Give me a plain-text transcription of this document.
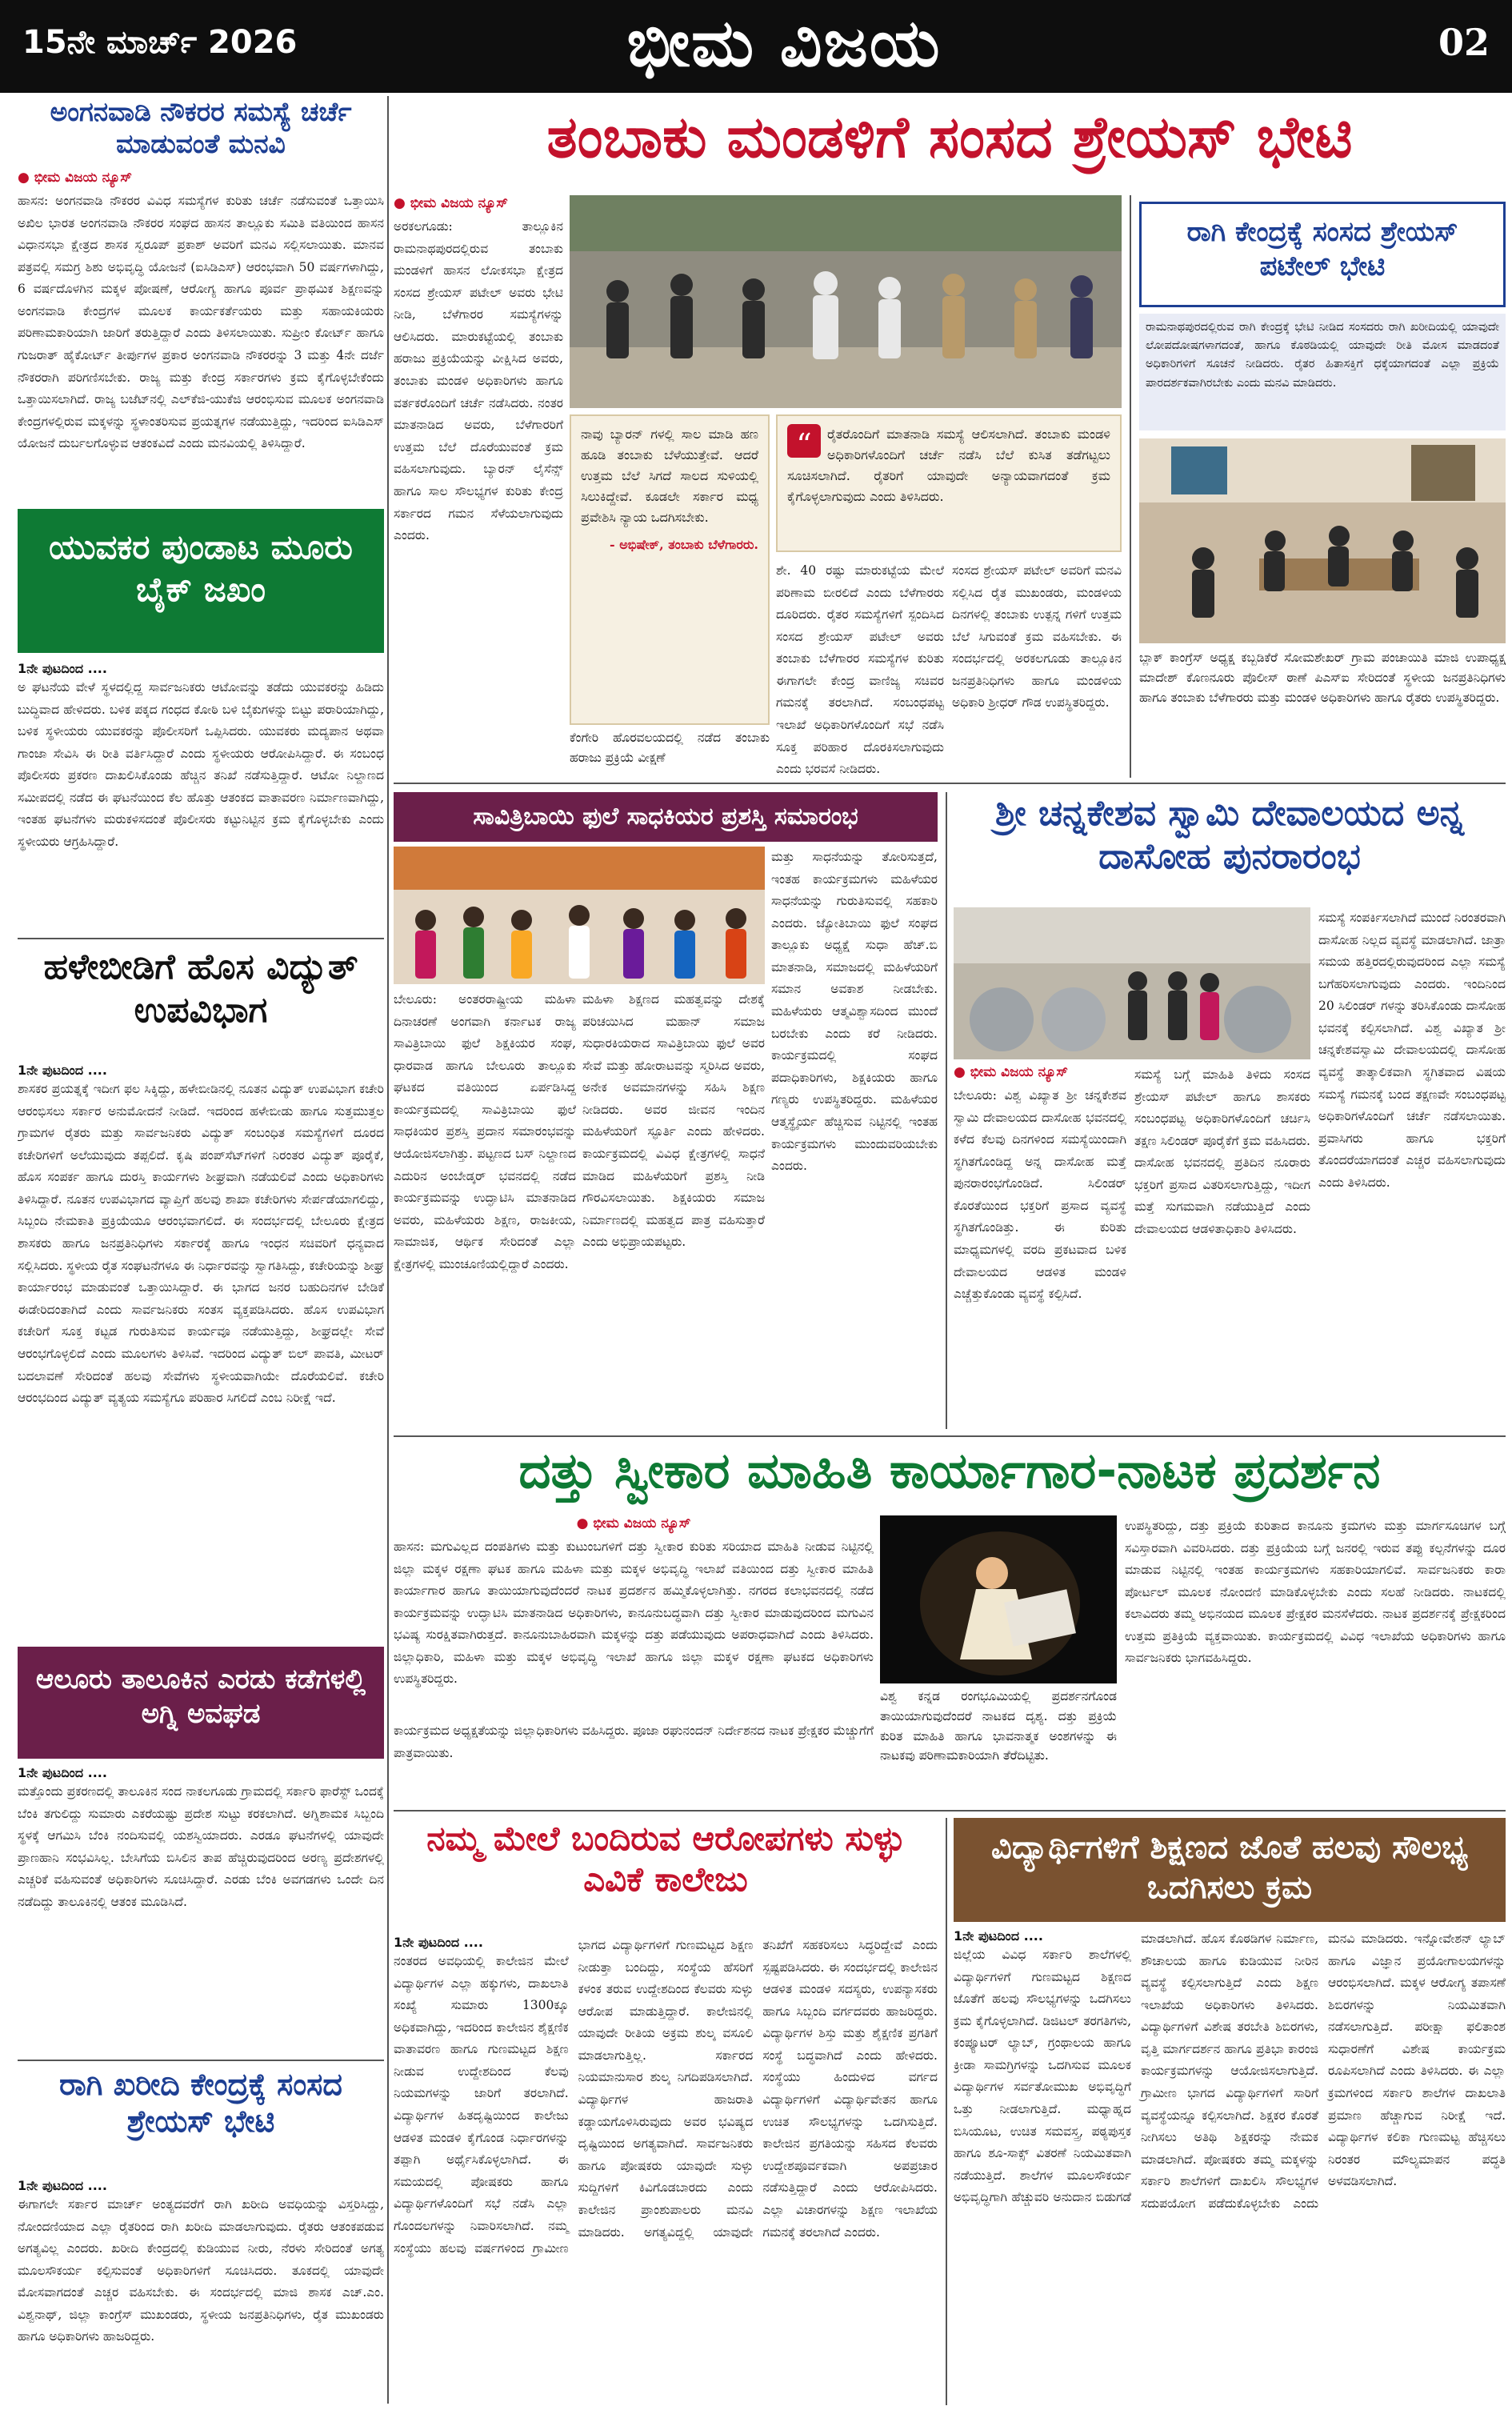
15ನೇ ಮಾರ್ಚ್ 2026	ಭೀಮ ವಿಜಯ	02
ಅಂಗನವಾಡಿ ನೌಕರರ ಸಮಸ್ಯೆ ಚರ್ಚೆ ಮಾಡುವಂತೆ ಮನವಿ
● ಭೀಮ ವಿಜಯ ನ್ಯೂಸ್
ಹಾಸನ: ಅಂಗನವಾಡಿ ನೌಕರರ ವಿವಿಧ ಸಮಸ್ಯೆಗಳ ಕುರಿತು ಚರ್ಚೆ ನಡೆಸುವಂತೆ ಒತ್ತಾಯಿಸಿ ಅಖಿಲ ಭಾರತ ಅಂಗನವಾಡಿ ನೌಕರರ ಸಂಘದ ಹಾಸನ ತಾಲ್ಲೂಕು ಸಮಿತಿ ವತಿಯಿಂದ ಹಾಸನ ವಿಧಾನಸಭಾ ಕ್ಷೇತ್ರದ ಶಾಸಕ ಸ್ವರೂಪ್ ಪ್ರಕಾಶ್ ಅವರಿಗೆ ಮನವಿ ಸಲ್ಲಿಸಲಾಯಿತು. ಮಾನವ ಪತ್ರವಲ್ಲಿ ಸಮಗ್ರ ಶಿಶು ಅಭಿವೃದ್ಧಿ ಯೋಜನೆ (ಐಸಿಡಿಎಸ್) ಆರಂಭವಾಗಿ 50 ವರ್ಷಗಳಾಗಿದ್ದು, 6 ವರ್ಷದೊಳಗಿನ ಮಕ್ಕಳ ಪೋಷಣೆ, ಆರೋಗ್ಯ ಹಾಗೂ ಪೂರ್ವ ಪ್ರಾಥಮಿಕ ಶಿಕ್ಷಣವನ್ನು ಅಂಗನವಾಡಿ ಕೇಂದ್ರಗಳ ಮೂಲಕ ಕಾರ್ಯಕರ್ತೆಯರು ಮತ್ತು ಸಹಾಯಕಿಯರು ಪರಿಣಾಮಕಾರಿಯಾಗಿ ಜಾರಿಗೆ ತರುತ್ತಿದ್ದಾರೆ ಎಂದು ತಿಳಿಸಲಾಯಿತು. ಸುಪ್ರೀಂ ಕೋರ್ಟ್ ಹಾಗೂ ಗುಜರಾತ್ ಹೈಕೋರ್ಟ್ ತೀರ್ಪುಗಳ ಪ್ರಕಾರ ಅಂಗನವಾಡಿ ನೌಕರರನ್ನು 3 ಮತ್ತು 4ನೇ ದರ್ಜೆ ನೌಕರರಾಗಿ ಪರಿಗಣಿಸಬೇಕು. ರಾಜ್ಯ ಮತ್ತು ಕೇಂದ್ರ ಸರ್ಕಾರಗಳು ಕ್ರಮ ಕೈಗೊಳ್ಳಬೇಕೆಂದು ಒತ್ತಾಯಿಸಲಾಗಿದೆ. ರಾಜ್ಯ ಬಜೆಟ್‌ನಲ್ಲಿ ಎಲ್‌ಕೆಜಿ-ಯುಕೆಜಿ ಆರಂಭಿಸುವ ಮೂಲಕ ಅಂಗನವಾಡಿ ಕೇಂದ್ರಗಳಲ್ಲಿರುವ ಮಕ್ಕಳನ್ನು ಸ್ಥಳಾಂತರಿಸುವ ಪ್ರಯತ್ನಗಳ ನಡೆಯುತ್ತಿದ್ದು, ಇದರಿಂದ ಐಸಿಡಿಎಸ್ ಯೋಜನೆ ದುರ್ಬಲಗೊಳ್ಳುವ ಆತಂಕವಿದೆ ಎಂದು ಮನವಿಯಲ್ಲಿ ತಿಳಿಸಿದ್ದಾರೆ.
ಯುವಕರ ಪುಂಡಾಟ ಮೂರು ಬೈಕ್ ಜಖಂ
1ನೇ ಪುಟದಿಂದ ....
ಅ ಘಟನೆಯ ವೇಳೆ ಸ್ಥಳದಲ್ಲಿದ್ದ ಸಾರ್ವಜನಿಕರು ಆಟೋವನ್ನು ತಡೆದು ಯುವಕರನ್ನು ಹಿಡಿದು ಬುದ್ಧಿವಾದ ಹೇಳಿದರು. ಬಳಿಕ ಪಕ್ಕದ ಗಂಧದ ಕೋಠಿ ಬಳಿ ಬೈಕುಗಳನ್ನು ಬಿಟ್ಟು ಪರಾರಿಯಾಗಿದ್ದು, ಬಳಿಕ ಸ್ಥಳೀಯರು ಯುವಕರನ್ನು ಪೊಲೀಸರಿಗೆ ಒಪ್ಪಿಸಿದರು. ಯುವಕರು ಮದ್ಯಪಾನ ಅಥವಾ ಗಾಂಜಾ ಸೇವಿಸಿ ಈ ರೀತಿ ವರ್ತಿಸಿದ್ದಾರೆ ಎಂದು ಸ್ಥಳೀಯರು ಆರೋಪಿಸಿದ್ದಾರೆ. ಈ ಸಂಬಂಧ ಪೊಲೀಸರು ಪ್ರಕರಣ ದಾಖಲಿಸಿಕೊಂಡು ಹೆಚ್ಚಿನ ತನಿಖೆ ನಡೆಸುತ್ತಿದ್ದಾರೆ. ಆಟೋ ನಿಲ್ದಾಣದ ಸಮೀಪದಲ್ಲಿ ನಡೆದ ಈ ಘಟನೆಯಿಂದ ಕೆಲ ಹೊತ್ತು ಆತಂಕದ ವಾತಾವರಣ ನಿರ್ಮಾಣವಾಗಿದ್ದು, ಇಂತಹ ಘಟನೆಗಳು ಮರುಕಳಿಸದಂತೆ ಪೊಲೀಸರು ಕಟ್ಟುನಿಟ್ಟಿನ ಕ್ರಮ ಕೈಗೊಳ್ಳಬೇಕು ಎಂದು ಸ್ಥಳೀಯರು ಆಗ್ರಹಿಸಿದ್ದಾರೆ.
ಹಳೇಬೀಡಿಗೆ ಹೊಸ ವಿದ್ಯುತ್ ಉಪವಿಭಾಗ
1ನೇ ಪುಟದಿಂದ ....
ಶಾಸಕರ ಪ್ರಯತ್ನಕ್ಕೆ ಇದೀಗ ಫಲ ಸಿಕ್ಕಿದ್ದು, ಹಳೇಬೀಡಿನಲ್ಲಿ ನೂತನ ವಿದ್ಯುತ್ ಉಪವಿಭಾಗ ಕಚೇರಿ ಆರಂಭಿಸಲು ಸರ್ಕಾರ ಅನುಮೋದನೆ ನೀಡಿದೆ. ಇದರಿಂದ ಹಳೇಬೀಡು ಹಾಗೂ ಸುತ್ತಮುತ್ತಲ ಗ್ರಾಮಗಳ ರೈತರು ಮತ್ತು ಸಾರ್ವಜನಿಕರು ವಿದ್ಯುತ್ ಸಂಬಂಧಿತ ಸಮಸ್ಯೆಗಳಿಗೆ ದೂರದ ಕಚೇರಿಗಳಿಗೆ ಅಲೆಯುವುದು ತಪ್ಪಲಿದೆ. ಕೃಷಿ ಪಂಪ್‌ಸೆಟ್‌ಗಳಿಗೆ ನಿರಂತರ ವಿದ್ಯುತ್ ಪೂರೈಕೆ, ಹೊಸ ಸಂಪರ್ಕ ಹಾಗೂ ದುರಸ್ತಿ ಕಾರ್ಯಗಳು ಶೀಘ್ರವಾಗಿ ನಡೆಯಲಿವೆ ಎಂದು ಅಧಿಕಾರಿಗಳು ತಿಳಿಸಿದ್ದಾರೆ. ನೂತನ ಉಪವಿಭಾಗದ ವ್ಯಾಪ್ತಿಗೆ ಹಲವು ಶಾಖಾ ಕಚೇರಿಗಳು ಸೇರ್ಪಡೆಯಾಗಲಿದ್ದು, ಸಿಬ್ಬಂದಿ ನೇಮಕಾತಿ ಪ್ರಕ್ರಿಯೆಯೂ ಆರಂಭವಾಗಲಿದೆ. ಈ ಸಂದರ್ಭದಲ್ಲಿ ಬೇಲೂರು ಕ್ಷೇತ್ರದ ಶಾಸಕರು ಹಾಗೂ ಜನಪ್ರತಿನಿಧಿಗಳು ಸರ್ಕಾರಕ್ಕೆ ಹಾಗೂ ಇಂಧನ ಸಚಿವರಿಗೆ ಧನ್ಯವಾದ ಸಲ್ಲಿಸಿದರು. ಸ್ಥಳೀಯ ರೈತ ಸಂಘಟನೆಗಳೂ ಈ ನಿರ್ಧಾರವನ್ನು ಸ್ವಾಗತಿಸಿದ್ದು, ಕಚೇರಿಯನ್ನು ಶೀಘ್ರ ಕಾರ್ಯಾರಂಭ ಮಾಡುವಂತೆ ಒತ್ತಾಯಿಸಿದ್ದಾರೆ. ಈ ಭಾಗದ ಜನರ ಬಹುದಿನಗಳ ಬೇಡಿಕೆ ಈಡೇರಿದಂತಾಗಿದೆ ಎಂದು ಸಾರ್ವಜನಿಕರು ಸಂತಸ ವ್ಯಕ್ತಪಡಿಸಿದರು. ಹೊಸ ಉಪವಿಭಾಗ ಕಚೇರಿಗೆ ಸೂಕ್ತ ಕಟ್ಟಡ ಗುರುತಿಸುವ ಕಾರ್ಯವೂ ನಡೆಯುತ್ತಿದ್ದು, ಶೀಘ್ರದಲ್ಲೇ ಸೇವೆ ಆರಂಭಗೊಳ್ಳಲಿದೆ ಎಂದು ಮೂಲಗಳು ತಿಳಿಸಿವೆ. ಇದರಿಂದ ವಿದ್ಯುತ್ ಬಿಲ್ ಪಾವತಿ, ಮೀಟರ್ ಬದಲಾವಣೆ ಸೇರಿದಂತೆ ಹಲವು ಸೇವೆಗಳು ಸ್ಥಳೀಯವಾಗಿಯೇ ದೊರೆಯಲಿವೆ. ಕಚೇರಿ ಆರಂಭದಿಂದ ವಿದ್ಯುತ್ ವ್ಯತ್ಯಯ ಸಮಸ್ಯೆಗೂ ಪರಿಹಾರ ಸಿಗಲಿದೆ ಎಂಬ ನಿರೀಕ್ಷೆ ಇದೆ.
ಆಲೂರು ತಾಲೂಕಿನ ಎರಡು ಕಡೆಗಳಲ್ಲಿ ಅಗ್ನಿ ಅವಘಡ
1ನೇ ಪುಟದಿಂದ ....
ಮತ್ತೊಂದು ಪ್ರಕರಣದಲ್ಲಿ ತಾಲೂಕಿನ ಸಂದ ನಾಕಲಗೂಡು ಗ್ರಾಮದಲ್ಲಿ ಸರ್ಕಾರಿ ಫಾರೆಸ್ಟ್ ಒಂದಕ್ಕೆ ಬೆಂಕಿ ತಗುಲಿದ್ದು ಸುಮಾರು ಎಕರೆಯಷ್ಟು ಪ್ರದೇಶ ಸುಟ್ಟು ಕರಕಲಾಗಿದೆ. ಅಗ್ನಿಶಾಮಕ ಸಿಬ್ಬಂದಿ ಸ್ಥಳಕ್ಕೆ ಆಗಮಿಸಿ ಬೆಂಕಿ ನಂದಿಸುವಲ್ಲಿ ಯಶಸ್ವಿಯಾದರು. ಎರಡೂ ಘಟನೆಗಳಲ್ಲಿ ಯಾವುದೇ ಪ್ರಾಣಹಾನಿ ಸಂಭವಿಸಿಲ್ಲ. ಬೇಸಿಗೆಯ ಬಿಸಿಲಿನ ತಾಪ ಹೆಚ್ಚಿರುವುದರಿಂದ ಅರಣ್ಯ ಪ್ರದೇಶಗಳಲ್ಲಿ ಎಚ್ಚರಿಕೆ ವಹಿಸುವಂತೆ ಅಧಿಕಾರಿಗಳು ಸೂಚಿಸಿದ್ದಾರೆ. ಎರಡು ಬೆಂಕಿ ಅವಗಡಗಳು ಒಂದೇ ದಿನ ನಡೆದಿದ್ದು ತಾಲೂಕಿನಲ್ಲಿ ಆತಂಕ ಮೂಡಿಸಿದೆ.
ರಾಗಿ ಖರೀದಿ ಕೇಂದ್ರಕ್ಕೆ ಸಂಸದ ಶ್ರೇಯಸ್ ಭೇಟಿ
1ನೇ ಪುಟದಿಂದ ....
ಈಗಾಗಲೇ ಸರ್ಕಾರ ಮಾರ್ಚ್ ಅಂತ್ಯದವರೆಗೆ ರಾಗಿ ಖರೀದಿ ಅವಧಿಯನ್ನು ವಿಸ್ತರಿಸಿದ್ದು, ನೋಂದಣಿಯಾದ ಎಲ್ಲಾ ರೈತರಿಂದ ರಾಗಿ ಖರೀದಿ ಮಾಡಲಾಗುವುದು. ರೈತರು ಆತಂಕಪಡುವ ಅಗತ್ಯವಿಲ್ಲ ಎಂದರು. ಖರೀದಿ ಕೇಂದ್ರದಲ್ಲಿ ಕುಡಿಯುವ ನೀರು, ನೆರಳು ಸೇರಿದಂತೆ ಅಗತ್ಯ ಮೂಲಸೌಕರ್ಯ ಕಲ್ಪಿಸುವಂತೆ ಅಧಿಕಾರಿಗಳಿಗೆ ಸೂಚಿಸಿದರು. ತೂಕದಲ್ಲಿ ಯಾವುದೇ ಮೋಸವಾಗದಂತೆ ಎಚ್ಚರ ವಹಿಸಬೇಕು. ಈ ಸಂದರ್ಭದಲ್ಲಿ ಮಾಜಿ ಶಾಸಕ ಎಚ್.ಎಂ. ವಿಶ್ವನಾಥ್, ಜಿಲ್ಲಾ ಕಾಂಗ್ರೆಸ್ ಮುಖಂಡರು, ಸ್ಥಳೀಯ ಜನಪ್ರತಿನಿಧಿಗಳು, ರೈತ ಮುಖಂಡರು ಹಾಗೂ ಅಧಿಕಾರಿಗಳು ಹಾಜರಿದ್ದರು.
ತಂಬಾಕು ಮಂಡಳಿಗೆ ಸಂಸದ ಶ್ರೇಯಸ್ ಭೇಟಿ
● ಭೀಮ ವಿಜಯ ನ್ಯೂಸ್
ಅರಕಲಗೂಡು: ತಾಲ್ಲೂಕಿನ ರಾಮನಾಥಪುರದಲ್ಲಿರುವ ತಂಬಾಕು ಮಂಡಳಿಗೆ ಹಾಸನ ಲೋಕಸಭಾ ಕ್ಷೇತ್ರದ ಸಂಸದ ಶ್ರೇಯಸ್ ಪಟೇಲ್ ಅವರು ಭೇಟಿ ನೀಡಿ, ಬೆಳೆಗಾರರ ಸಮಸ್ಯೆಗಳನ್ನು ಆಲಿಸಿದರು. ಮಾರುಕಟ್ಟೆಯಲ್ಲಿ ತಂಬಾಕು ಹರಾಜು ಪ್ರಕ್ರಿಯೆಯನ್ನು ವೀಕ್ಷಿಸಿದ ಅವರು, ತಂಬಾಕು ಮಂಡಳಿ ಅಧಿಕಾರಿಗಳು ಹಾಗೂ ವರ್ತಕರೊಂದಿಗೆ ಚರ್ಚೆ ನಡೆಸಿದರು. ನಂತರ ಮಾತನಾಡಿದ ಅವರು, ಬೆಳೆಗಾರರಿಗೆ ಉತ್ತಮ ಬೆಲೆ ದೊರೆಯುವಂತೆ ಕ್ರಮ ವಹಿಸಲಾಗುವುದು. ಬ್ಯಾರನ್ ಲೈಸೆನ್ಸ್ ಹಾಗೂ ಸಾಲ ಸೌಲಭ್ಯಗಳ ಕುರಿತು ಕೇಂದ್ರ ಸರ್ಕಾರದ ಗಮನ ಸೆಳೆಯಲಾಗುವುದು ಎಂದರು.
ನಾವು ಬ್ಯಾರನ್ ಗಳಲ್ಲಿ ಸಾಲ ಮಾಡಿ ಹಣ ಹೂಡಿ ತಂಬಾಕು ಬೆಳೆಯುತ್ತೇವೆ. ಆದರೆ ಉತ್ತಮ ಬೆಲೆ ಸಿಗದೆ ಸಾಲದ ಸುಳಿಯಲ್ಲಿ ಸಿಲುಕಿದ್ದೇವೆ. ಕೂಡಲೇ ಸರ್ಕಾರ ಮಧ್ಯ ಪ್ರವೇಶಿಸಿ ನ್ಯಾಯ ಒದಗಿಸಬೇಕು.
- ಅಭಿಷೇಕ್, ತಂಬಾಕು ಬೆಳೆಗಾರರು.
ಕೆಂಗೇರಿ ಹೊರವಲಯದಲ್ಲಿ ನಡೆದ ತಂಬಾಕು ಹರಾಜು ಪ್ರಕ್ರಿಯೆ ವೀಕ್ಷಣೆ
“	ರೈತರೊಂದಿಗೆ ಮಾತನಾಡಿ ಸಮಸ್ಯೆ ಆಲಿಸಲಾಗಿದೆ. ತಂಬಾಕು ಮಂಡಳಿ ಅಧಿಕಾರಿಗಳೊಂದಿಗೆ ಚರ್ಚೆ ನಡೆಸಿ ಬೆಲೆ ಕುಸಿತ ತಡೆಗಟ್ಟಲು ಸೂಚಿಸಲಾಗಿದೆ. ರೈತರಿಗೆ ಯಾವುದೇ ಅನ್ಯಾಯವಾಗದಂತೆ ಕ್ರಮ ಕೈಗೊಳ್ಳಲಾಗುವುದು ಎಂದು ತಿಳಿಸಿದರು.
ಶೇ. 40 ರಷ್ಟು ಮಾರುಕಟ್ಟೆಯ ಮೇಲೆ ಪರಿಣಾಮ ಬೀರಲಿದೆ ಎಂದು ಬೆಳೆಗಾರರು ದೂರಿದರು. ರೈತರ ಸಮಸ್ಯೆಗಳಿಗೆ ಸ್ಪಂದಿಸಿದ ಸಂಸದ ಶ್ರೇಯಸ್ ಪಟೇಲ್ ಅವರು ತಂಬಾಕು ಬೆಳೆಗಾರರ ಸಮಸ್ಯೆಗಳ ಕುರಿತು ಈಗಾಗಲೇ ಕೇಂದ್ರ ವಾಣಿಜ್ಯ ಸಚಿವರ ಗಮನಕ್ಕೆ ತರಲಾಗಿದೆ. ಸಂಬಂಧಪಟ್ಟ ಇಲಾಖೆ ಅಧಿಕಾರಿಗಳೊಂದಿಗೆ ಸಭೆ ನಡೆಸಿ ಸೂಕ್ತ ಪರಿಹಾರ ದೊರಕಿಸಲಾಗುವುದು ಎಂದು ಭರವಸೆ ನೀಡಿದರು.
ಸಂಸದ ಶ್ರೇಯಸ್ ಪಟೇಲ್ ಅವರಿಗೆ ಮನವಿ ಸಲ್ಲಿಸಿದ ರೈತ ಮುಖಂಡರು, ಮಂಡಳಿಯ ದಿನಗಳಲ್ಲಿ ತಂಬಾಕು ಉತ್ಪನ್ನ ಗಳಿಗೆ ಉತ್ತಮ ಬೆಲೆ ಸಿಗುವಂತೆ ಕ್ರಮ ವಹಿಸಬೇಕು. ಈ ಸಂದರ್ಭದಲ್ಲಿ ಅರಕಲಗೂಡು ತಾಲ್ಲೂಕಿನ ಜನಪ್ರತಿನಿಧಿಗಳು ಹಾಗೂ ಮಂಡಳಿಯ ಅಧಿಕಾರಿ ಶ್ರೀಧರ್ ಗೌಡ ಉಪಸ್ಥಿತರಿದ್ದರು.
ರಾಗಿ ಕೇಂದ್ರಕ್ಕೆ ಸಂಸದ ಶ್ರೇಯಸ್ ಪಟೇಲ್ ಭೇಟಿ
ರಾಮನಾಥಪುರದಲ್ಲಿರುವ ರಾಗಿ ಕೇಂದ್ರಕ್ಕೆ ಭೇಟಿ ನೀಡಿದ ಸಂಸದರು ರಾಗಿ ಖರೀದಿಯಲ್ಲಿ ಯಾವುದೇ ಲೋಪದೋಷಗಳಾಗದಂತೆ, ಹಾಗೂ ಕೊಠಡಿಯಲ್ಲಿ ಯಾವುದೇ ರೀತಿ ಮೋಸ ಮಾಡದಂತೆ ಅಧಿಕಾರಿಗಳಿಗೆ ಸೂಚನೆ ನೀಡಿದರು. ರೈತರ ಹಿತಾಸಕ್ತಿಗೆ ಧಕ್ಕೆಯಾಗದಂತೆ ಎಲ್ಲಾ ಪ್ರಕ್ರಿಯೆ ಪಾರದರ್ಶಕವಾಗಿರಬೇಕು ಎಂದು ಮನವಿ ಮಾಡಿದರು.
ಬ್ಲಾಕ್ ಕಾಂಗ್ರೆಸ್ ಅಧ್ಯಕ್ಷ ಕಬ್ಬಡಿಕೆರೆ ಸೋಮಶೇಖರ್ ಗ್ರಾಮ ಪಂಚಾಯಿತಿ ಮಾಜಿ ಉಪಾಧ್ಯಕ್ಷ ಮಾದೇಶ್ ಕೊಣನೂರು ಪೊಲೀಸ್ ಠಾಣೆ ಪಿಎಸ್‌ಐ ಸೇರಿದಂತೆ ಸ್ಥಳೀಯ ಜನಪ್ರತಿನಿಧಿಗಳು ಹಾಗೂ ತಂಬಾಕು ಬೆಳೆಗಾರರು ಮತ್ತು ಮಂಡಳಿ ಅಧಿಕಾರಿಗಳು ಹಾಗೂ ರೈತರು ಉಪಸ್ಥಿತರಿದ್ದರು.
ಸಾವಿತ್ರಿಬಾಯಿ ಫುಲೆ ಸಾಧಕಿಯರ ಪ್ರಶಸ್ತಿ ಸಮಾರಂಭ
ಬೇಲೂರು: ಅಂತರರಾಷ್ಟ್ರೀಯ ಮಹಿಳಾ ದಿನಾಚರಣೆ ಅಂಗವಾಗಿ ಕರ್ನಾಟಕ ರಾಜ್ಯ ಸಾವಿತ್ರಿಬಾಯಿ ಫುಲೆ ಶಿಕ್ಷಕಿಯರ ಸಂಘ, ಧಾರವಾಡ ಹಾಗೂ ಬೇಲೂರು ತಾಲ್ಲೂಕು ಘಟಕದ ವತಿಯಿಂದ ಏರ್ಪಡಿಸಿದ್ದ ಕಾರ್ಯಕ್ರಮದಲ್ಲಿ ಸಾವಿತ್ರಿಬಾಯಿ ಫುಲೆ ಸಾಧಕಿಯರ ಪ್ರಶಸ್ತಿ ಪ್ರದಾನ ಸಮಾರಂಭವನ್ನು ಆಯೋಜಿಸಲಾಗಿತ್ತು. ಪಟ್ಟಣದ ಬಸ್ ನಿಲ್ದಾಣದ ಎದುರಿನ ಅಂಬೇಡ್ಕರ್ ಭವನದಲ್ಲಿ ನಡೆದ ಕಾರ್ಯಕ್ರಮವನ್ನು ಉದ್ಘಾಟಿಸಿ ಮಾತನಾಡಿದ ಅವರು, ಮಹಿಳೆಯರು ಶಿಕ್ಷಣ, ರಾಜಕೀಯ, ಸಾಮಾಜಿಕ, ಆರ್ಥಿಕ ಸೇರಿದಂತೆ ಎಲ್ಲಾ ಕ್ಷೇತ್ರಗಳಲ್ಲಿ ಮುಂಚೂಣಿಯಲ್ಲಿದ್ದಾರೆ ಎಂದರು.
ಮಹಿಳಾ ಶಿಕ್ಷಣದ ಮಹತ್ವವನ್ನು ದೇಶಕ್ಕೆ ಪರಿಚಯಿಸಿದ ಮಹಾನ್ ಸಮಾಜ ಸುಧಾರಕಿಯರಾದ ಸಾವಿತ್ರಿಬಾಯಿ ಫುಲೆ ಅವರ ಸೇವೆ ಮತ್ತು ಹೋರಾಟವನ್ನು ಸ್ಮರಿಸಿದ ಅವರು, ಅನೇಕ ಅವಮಾನಗಳನ್ನು ಸಹಿಸಿ ಶಿಕ್ಷಣ ನೀಡಿದರು. ಅವರ ಜೀವನ ಇಂದಿನ ಮಹಿಳೆಯರಿಗೆ ಸ್ಫೂರ್ತಿ ಎಂದು ಹೇಳಿದರು. ಕಾರ್ಯಕ್ರಮದಲ್ಲಿ ವಿವಿಧ ಕ್ಷೇತ್ರಗಳಲ್ಲಿ ಸಾಧನೆ ಮಾಡಿದ ಮಹಿಳೆಯರಿಗೆ ಪ್ರಶಸ್ತಿ ನೀಡಿ ಗೌರವಿಸಲಾಯಿತು. ಶಿಕ್ಷಕಿಯರು ಸಮಾಜ ನಿರ್ಮಾಣದಲ್ಲಿ ಮಹತ್ವದ ಪಾತ್ರ ವಹಿಸುತ್ತಾರೆ ಎಂದು ಅಭಿಪ್ರಾಯಪಟ್ಟರು.
ಮತ್ತು ಸಾಧನೆಯನ್ನು ತೋರಿಸುತ್ತದೆ, ಇಂತಹ ಕಾರ್ಯಕ್ರಮಗಳು ಮಹಿಳೆಯರ ಸಾಧನೆಯನ್ನು ಗುರುತಿಸುವಲ್ಲಿ ಸಹಕಾರಿ ಎಂದರು. ಜ್ಯೋತಿಬಾಯಿ ಫುಲೆ ಸಂಘದ ತಾಲ್ಲೂಕು ಅಧ್ಯಕ್ಷೆ ಸುಧಾ ಹೆಚ್.ಬಿ ಮಾತನಾಡಿ, ಸಮಾಜದಲ್ಲಿ ಮಹಿಳೆಯರಿಗೆ ಸಮಾನ ಅವಕಾಶ ನೀಡಬೇಕು. ಮಹಿಳೆಯರು ಆತ್ಮವಿಶ್ವಾಸದಿಂದ ಮುಂದೆ ಬರಬೇಕು ಎಂದು ಕರೆ ನೀಡಿದರು. ಕಾರ್ಯಕ್ರಮದಲ್ಲಿ ಸಂಘದ ಪದಾಧಿಕಾರಿಗಳು, ಶಿಕ್ಷಕಿಯರು ಹಾಗೂ ಗಣ್ಯರು ಉಪಸ್ಥಿತರಿದ್ದರು. ಮಹಿಳೆಯರ ಆತ್ಮಸ್ಥೈರ್ಯ ಹೆಚ್ಚಿಸುವ ನಿಟ್ಟಿನಲ್ಲಿ ಇಂತಹ ಕಾರ್ಯಕ್ರಮಗಳು ಮುಂದುವರಿಯಬೇಕು ಎಂದರು.
ಶ್ರೀ ಚನ್ನಕೇಶವ ಸ್ವಾಮಿ ದೇವಾಲಯದ ಅನ್ನ ದಾಸೋಹ ಪುನರಾರಂಭ
● ಭೀಮ ವಿಜಯ ನ್ಯೂಸ್
ಬೇಲೂರು: ವಿಶ್ವ ವಿಖ್ಯಾತ ಶ್ರೀ ಚನ್ನಕೇಶವ ಸ್ವಾಮಿ ದೇವಾಲಯದ ದಾಸೋಹ ಭವನದಲ್ಲಿ ಕಳೆದ ಕೆಲವು ದಿನಗಳಿಂದ ಸಮಸ್ಯೆಯಿಂದಾಗಿ ಸ್ಥಗಿತಗೊಂಡಿದ್ದ ಅನ್ನ ದಾಸೋಹ ಮತ್ತೆ ಪುನರಾರಂಭಗೊಂಡಿದೆ. ಸಿಲಿಂಡರ್ ಕೊರತೆಯಿಂದ ಭಕ್ತರಿಗೆ ಪ್ರಸಾದ ವ್ಯವಸ್ಥೆ ಸ್ಥಗಿತಗೊಂಡಿತ್ತು. ಈ ಕುರಿತು ಮಾಧ್ಯಮಗಳಲ್ಲಿ ವರದಿ ಪ್ರಕಟವಾದ ಬಳಿಕ ದೇವಾಲಯದ ಆಡಳಿತ ಮಂಡಳಿ ಎಚ್ಚೆತ್ತುಕೊಂಡು ವ್ಯವಸ್ಥೆ ಕಲ್ಪಿಸಿದೆ.
ಸಮಸ್ಯೆ ಬಗ್ಗೆ ಮಾಹಿತಿ ತಿಳಿದು ಸಂಸದ ಶ್ರೇಯಸ್ ಪಟೇಲ್ ಹಾಗೂ ಶಾಸಕರು ಸಂಬಂಧಪಟ್ಟ ಅಧಿಕಾರಿಗಳೊಂದಿಗೆ ಚರ್ಚಿಸಿ ತಕ್ಷಣ ಸಿಲಿಂಡರ್ ಪೂರೈಕೆಗೆ ಕ್ರಮ ವಹಿಸಿದರು. ದಾಸೋಹ ಭವನದಲ್ಲಿ ಪ್ರತಿದಿನ ನೂರಾರು ಭಕ್ತರಿಗೆ ಪ್ರಸಾದ ವಿತರಿಸಲಾಗುತ್ತಿದ್ದು, ಇದೀಗ ಮತ್ತೆ ಸುಗಮವಾಗಿ ನಡೆಯುತ್ತಿದೆ ಎಂದು ದೇವಾಲಯದ ಆಡಳಿತಾಧಿಕಾರಿ ತಿಳಿಸಿದರು.
ಸಮಸ್ಯೆ ಸಂಪರ್ಕಿಸಲಾಗಿದೆ ಮುಂದೆ ನಿರಂತರವಾಗಿ ದಾಸೋಹ ನಿಲ್ಲದ ವ್ಯವಸ್ಥೆ ಮಾಡಲಾಗಿದೆ. ಜಾತ್ರಾ ಸಮಯ ಹತ್ತಿರದಲ್ಲಿರುವುದರಿಂದ ಎಲ್ಲಾ ಸಮಸ್ಯೆ ಬಗೆಹರಿಸಲಾಗುವುದು ಎಂದರು. ಇಂದಿನಿಂದ 20 ಸಿಲಿಂಡರ್ ಗಳನ್ನು ತರಿಸಿಕೊಂಡು ದಾಸೋಹ ಭವನಕ್ಕೆ ಕಲ್ಪಿಸಲಾಗಿದೆ. ವಿಶ್ವ ವಿಖ್ಯಾತ ಶ್ರೀ ಚನ್ನಕೇಶವಸ್ವಾಮಿ ದೇವಾಲಯದಲ್ಲಿ ದಾಸೋಹ ವ್ಯವಸ್ಥೆ ತಾತ್ಕಾಲಿಕವಾಗಿ ಸ್ಥಗಿತವಾದ ವಿಷಯ ಸಮಸ್ಯೆ ಗಮನಕ್ಕೆ ಬಂದ ತಕ್ಷಣವೇ ಸಂಬಂಧಪಟ್ಟ ಅಧಿಕಾರಿಗಳೊಂದಿಗೆ ಚರ್ಚೆ ನಡೆಸಲಾಯಿತು. ಪ್ರವಾಸಿಗರು ಹಾಗೂ ಭಕ್ತರಿಗೆ ತೊಂದರೆಯಾಗದಂತೆ ಎಚ್ಚರ ವಹಿಸಲಾಗುವುದು ಎಂದು ತಿಳಿಸಿದರು.
ದತ್ತು ಸ್ವೀಕಾರ ಮಾಹಿತಿ ಕಾರ್ಯಾಗಾರ-ನಾಟಕ ಪ್ರದರ್ಶನ
● ಭೀಮ ವಿಜಯ ನ್ಯೂಸ್
ಹಾಸನ: ಮಗುವಿಲ್ಲದ ದಂಪತಿಗಳು ಮತ್ತು ಕುಟುಂಬಗಳಿಗೆ ದತ್ತು ಸ್ವೀಕಾರ ಕುರಿತು ಸರಿಯಾದ ಮಾಹಿತಿ ನೀಡುವ ನಿಟ್ಟಿನಲ್ಲಿ ಜಿಲ್ಲಾ ಮಕ್ಕಳ ರಕ್ಷಣಾ ಘಟಕ ಹಾಗೂ ಮಹಿಳಾ ಮತ್ತು ಮಕ್ಕಳ ಅಭಿವೃದ್ಧಿ ಇಲಾಖೆ ವತಿಯಿಂದ ದತ್ತು ಸ್ವೀಕಾರ ಮಾಹಿತಿ ಕಾರ್ಯಾಗಾರ ಹಾಗೂ ತಾಯಿಯಾಗುವುದೆಂದರೆ ನಾಟಕ ಪ್ರದರ್ಶನ ಹಮ್ಮಿಕೊಳ್ಳಲಾಗಿತ್ತು. ನಗರದ ಕಲಾಭವನದಲ್ಲಿ ನಡೆದ ಕಾರ್ಯಕ್ರಮವನ್ನು ಉದ್ಘಾಟಿಸಿ ಮಾತನಾಡಿದ ಅಧಿಕಾರಿಗಳು, ಕಾನೂನುಬದ್ಧವಾಗಿ ದತ್ತು ಸ್ವೀಕಾರ ಮಾಡುವುದರಿಂದ ಮಗುವಿನ ಭವಿಷ್ಯ ಸುರಕ್ಷಿತವಾಗಿರುತ್ತದೆ. ಕಾನೂನುಬಾಹಿರವಾಗಿ ಮಕ್ಕಳನ್ನು ದತ್ತು ಪಡೆಯುವುದು ಅಪರಾಧವಾಗಿದೆ ಎಂದು ತಿಳಿಸಿದರು. ಜಿಲ್ಲಾಧಿಕಾರಿ, ಮಹಿಳಾ ಮತ್ತು ಮಕ್ಕಳ ಅಭಿವೃದ್ಧಿ ಇಲಾಖೆ ಹಾಗೂ ಜಿಲ್ಲಾ ಮಕ್ಕಳ ರಕ್ಷಣಾ ಘಟಕದ ಅಧಿಕಾರಿಗಳು ಉಪಸ್ಥಿತರಿದ್ದರು.
ವಿಶ್ವ ಕನ್ನಡ ರಂಗಭೂಮಿಯಲ್ಲಿ ಪ್ರದರ್ಶನಗೊಂಡ ತಾಯಿಯಾಗುವುದೆಂದರೆ ನಾಟಕದ ದೃಶ್ಯ. ದತ್ತು ಪ್ರಕ್ರಿಯೆ ಕುರಿತ ಮಾಹಿತಿ ಹಾಗೂ ಭಾವನಾತ್ಮಕ ಅಂಶಗಳನ್ನು ಈ ನಾಟಕವು ಪರಿಣಾಮಕಾರಿಯಾಗಿ ತೆರೆದಿಟ್ಟಿತು.
ಕಾರ್ಯಕ್ರಮದ ಅಧ್ಯಕ್ಷತೆಯನ್ನು ಜಿಲ್ಲಾಧಿಕಾರಿಗಳು ವಹಿಸಿದ್ದರು. ಪೂಜಾ ರಘುನಂದನ್ ನಿರ್ದೇಶನದ ನಾಟಕ ಪ್ರೇಕ್ಷಕರ ಮೆಚ್ಚುಗೆಗೆ ಪಾತ್ರವಾಯಿತು.
ಉಪಸ್ಥಿತರಿದ್ದು, ದತ್ತು ಪ್ರಕ್ರಿಯೆ ಕುರಿತಾದ ಕಾನೂನು ಕ್ರಮಗಳು ಮತ್ತು ಮಾರ್ಗಸೂಚಿಗಳ ಬಗ್ಗೆ ಸವಿಸ್ತಾರವಾಗಿ ವಿವರಿಸಿದರು. ದತ್ತು ಪ್ರಕ್ರಿಯೆಯ ಬಗ್ಗೆ ಜನರಲ್ಲಿ ಇರುವ ತಪ್ಪು ಕಲ್ಪನೆಗಳನ್ನು ದೂರ ಮಾಡುವ ನಿಟ್ಟಿನಲ್ಲಿ ಇಂತಹ ಕಾರ್ಯಕ್ರಮಗಳು ಸಹಕಾರಿಯಾಗಲಿವೆ. ಸಾರ್ವಜನಿಕರು ಕಾರಾ ಪೋರ್ಟಲ್ ಮೂಲಕ ನೋಂದಣಿ ಮಾಡಿಕೊಳ್ಳಬೇಕು ಎಂದು ಸಲಹೆ ನೀಡಿದರು. ನಾಟಕದಲ್ಲಿ ಕಲಾವಿದರು ತಮ್ಮ ಅಭಿನಯದ ಮೂಲಕ ಪ್ರೇಕ್ಷಕರ ಮನಸೆಳೆದರು. ನಾಟಕ ಪ್ರದರ್ಶನಕ್ಕೆ ಪ್ರೇಕ್ಷಕರಿಂದ ಉತ್ತಮ ಪ್ರತಿಕ್ರಿಯೆ ವ್ಯಕ್ತವಾಯಿತು. ಕಾರ್ಯಕ್ರಮದಲ್ಲಿ ವಿವಿಧ ಇಲಾಖೆಯ ಅಧಿಕಾರಿಗಳು ಹಾಗೂ ಸಾರ್ವಜನಿಕರು ಭಾಗವಹಿಸಿದ್ದರು.
ನಮ್ಮ ಮೇಲೆ ಬಂದಿರುವ ಆರೋಪಗಳು ಸುಳ್ಳು ಎವಿಕೆ ಕಾಲೇಜು
1ನೇ ಪುಟದಿಂದ ....
ನಂತರದ ಅವಧಿಯಲ್ಲಿ ಕಾಲೇಜಿನ ಮೇಲೆ ವಿದ್ಯಾರ್ಥಿಗಳ ಎಲ್ಲಾ ಹಕ್ಕುಗಳು, ದಾಖಲಾತಿ ಸಂಖ್ಯೆ ಸುಮಾರು 1300ಕ್ಕೂ ಅಧಿಕವಾಗಿದ್ದು, ಇದರಿಂದ ಕಾಲೇಜಿನ ಶೈಕ್ಷಣಿಕ ವಾತಾವರಣ ಹಾಗೂ ಗುಣಮಟ್ಟದ ಶಿಕ್ಷಣ ನೀಡುವ ಉದ್ದೇಶದಿಂದ ಕೆಲವು ನಿಯಮಗಳನ್ನು ಜಾರಿಗೆ ತರಲಾಗಿದೆ. ವಿದ್ಯಾರ್ಥಿಗಳ ಹಿತದೃಷ್ಟಿಯಿಂದ ಕಾಲೇಜು ಆಡಳಿತ ಮಂಡಳಿ ಕೈಗೊಂಡ ನಿರ್ಧಾರಗಳನ್ನು ತಪ್ಪಾಗಿ ಅರ್ಥೈಸಿಕೊಳ್ಳಲಾಗಿದೆ. ಈ ಸಮಯದಲ್ಲಿ ಪೋಷಕರು ಹಾಗೂ ವಿದ್ಯಾರ್ಥಿಗಳೊಂದಿಗೆ ಸಭೆ ನಡೆಸಿ ಎಲ್ಲಾ ಗೊಂದಲಗಳನ್ನು ನಿವಾರಿಸಲಾಗಿದೆ. ನಮ್ಮ ಸಂಸ್ಥೆಯು ಹಲವು ವರ್ಷಗಳಿಂದ ಗ್ರಾಮೀಣ ಭಾಗದ ವಿದ್ಯಾರ್ಥಿಗಳಿಗೆ ಗುಣಮಟ್ಟದ ಶಿಕ್ಷಣ ನೀಡುತ್ತಾ ಬಂದಿದ್ದು, ಸಂಸ್ಥೆಯ ಹೆಸರಿಗೆ ಕಳಂಕ ತರುವ ಉದ್ದೇಶದಿಂದ ಕೆಲವರು ಸುಳ್ಳು ಆರೋಪ ಮಾಡುತ್ತಿದ್ದಾರೆ. ಕಾಲೇಜಿನಲ್ಲಿ ಯಾವುದೇ ರೀತಿಯ ಅಕ್ರಮ ಶುಲ್ಕ ವಸೂಲಿ ಮಾಡಲಾಗುತ್ತಿಲ್ಲ. ಸರ್ಕಾರದ ನಿಯಮಾನುಸಾರ ಶುಲ್ಕ ನಿಗದಿಪಡಿಸಲಾಗಿದೆ. ವಿದ್ಯಾರ್ಥಿಗಳ ಹಾಜರಾತಿ ಕಡ್ಡಾಯಗೊಳಿಸಿರುವುದು ಅವರ ಭವಿಷ್ಯದ ದೃಷ್ಟಿಯಿಂದ ಅಗತ್ಯವಾಗಿದೆ. ಸಾರ್ವಜನಿಕರು ಹಾಗೂ ಪೋಷಕರು ಯಾವುದೇ ಸುಳ್ಳು ಸುದ್ದಿಗಳಿಗೆ ಕಿವಿಗೊಡಬಾರದು ಎಂದು ಕಾಲೇಜಿನ ಪ್ರಾಂಶುಪಾಲರು ಮನವಿ ಮಾಡಿದರು. ಅಗತ್ಯವಿದ್ದಲ್ಲಿ ಯಾವುದೇ ತನಿಖೆಗೆ ಸಹಕರಿಸಲು ಸಿದ್ಧರಿದ್ದೇವೆ ಎಂದು ಸ್ಪಷ್ಟಪಡಿಸಿದರು. ಈ ಸಂದರ್ಭದಲ್ಲಿ ಕಾಲೇಜಿನ ಆಡಳಿತ ಮಂಡಳಿ ಸದಸ್ಯರು, ಉಪನ್ಯಾಸಕರು ಹಾಗೂ ಸಿಬ್ಬಂದಿ ವರ್ಗದವರು ಹಾಜರಿದ್ದರು. ವಿದ್ಯಾರ್ಥಿಗಳ ಶಿಸ್ತು ಮತ್ತು ಶೈಕ್ಷಣಿಕ ಪ್ರಗತಿಗೆ ಸಂಸ್ಥೆ ಬದ್ಧವಾಗಿದೆ ಎಂದು ಹೇಳಿದರು. ಸಂಸ್ಥೆಯು ಹಿಂದುಳಿದ ವರ್ಗದ ವಿದ್ಯಾರ್ಥಿಗಳಿಗೆ ವಿದ್ಯಾರ್ಥಿವೇತನ ಹಾಗೂ ಉಚಿತ ಸೌಲಭ್ಯಗಳನ್ನು ಒದಗಿಸುತ್ತಿದೆ. ಕಾಲೇಜಿನ ಪ್ರಗತಿಯನ್ನು ಸಹಿಸದ ಕೆಲವರು ಉದ್ದೇಶಪೂರ್ವಕವಾಗಿ ಅಪಪ್ರಚಾರ ನಡೆಸುತ್ತಿದ್ದಾರೆ ಎಂದು ಆರೋಪಿಸಿದರು. ಎಲ್ಲಾ ವಿಚಾರಗಳನ್ನು ಶಿಕ್ಷಣ ಇಲಾಖೆಯ ಗಮನಕ್ಕೆ ತರಲಾಗಿದೆ ಎಂದರು.
ವಿದ್ಯಾರ್ಥಿಗಳಿಗೆ ಶಿಕ್ಷಣದ ಜೊತೆ ಹಲವು ಸೌಲಭ್ಯ ಒದಗಿಸಲು ಕ್ರಮ
1ನೇ ಪುಟದಿಂದ ....
ಜಿಲ್ಲೆಯ ವಿವಿಧ ಸರ್ಕಾರಿ ಶಾಲೆಗಳಲ್ಲಿ ವಿದ್ಯಾರ್ಥಿಗಳಿಗೆ ಗುಣಮಟ್ಟದ ಶಿಕ್ಷಣದ ಜೊತೆಗೆ ಹಲವು ಸೌಲಭ್ಯಗಳನ್ನು ಒದಗಿಸಲು ಕ್ರಮ ಕೈಗೊಳ್ಳಲಾಗಿದೆ. ಡಿಜಿಟಲ್ ತರಗತಿಗಳು, ಕಂಪ್ಯೂಟರ್ ಲ್ಯಾಬ್, ಗ್ರಂಥಾಲಯ ಹಾಗೂ ಕ್ರೀಡಾ ಸಾಮಗ್ರಿಗಳನ್ನು ಒದಗಿಸುವ ಮೂಲಕ ವಿದ್ಯಾರ್ಥಿಗಳ ಸರ್ವತೋಮುಖ ಅಭಿವೃದ್ಧಿಗೆ ಒತ್ತು ನೀಡಲಾಗುತ್ತಿದೆ. ಮಧ್ಯಾಹ್ನದ ಬಿಸಿಯೂಟ, ಉಚಿತ ಸಮವಸ್ತ್ರ, ಪಠ್ಯಪುಸ್ತಕ ಹಾಗೂ ಶೂ-ಸಾಕ್ಸ್ ವಿತರಣೆ ನಿಯಮಿತವಾಗಿ ನಡೆಯುತ್ತಿದೆ. ಶಾಲೆಗಳ ಮೂಲಸೌಕರ್ಯ ಅಭಿವೃದ್ಧಿಗಾಗಿ ಹೆಚ್ಚುವರಿ ಅನುದಾನ ಬಿಡುಗಡೆ ಮಾಡಲಾಗಿದೆ. ಹೊಸ ಕೊಠಡಿಗಳ ನಿರ್ಮಾಣ, ಶೌಚಾಲಯ ಹಾಗೂ ಕುಡಿಯುವ ನೀರಿನ ವ್ಯವಸ್ಥೆ ಕಲ್ಪಿಸಲಾಗುತ್ತಿದೆ ಎಂದು ಶಿಕ್ಷಣ ಇಲಾಖೆಯ ಅಧಿಕಾರಿಗಳು ತಿಳಿಸಿದರು. ವಿದ್ಯಾರ್ಥಿಗಳಿಗೆ ವಿಶೇಷ ತರಬೇತಿ ಶಿಬಿರಗಳು, ವೃತ್ತಿ ಮಾರ್ಗದರ್ಶನ ಹಾಗೂ ಪ್ರತಿಭಾ ಕಾರಂಜಿ ಕಾರ್ಯಕ್ರಮಗಳನ್ನು ಆಯೋಜಿಸಲಾಗುತ್ತಿದೆ. ಗ್ರಾಮೀಣ ಭಾಗದ ವಿದ್ಯಾರ್ಥಿಗಳಿಗೆ ಸಾರಿಗೆ ವ್ಯವಸ್ಥೆಯನ್ನೂ ಕಲ್ಪಿಸಲಾಗಿದೆ. ಶಿಕ್ಷಕರ ಕೊರತೆ ನೀಗಿಸಲು ಅತಿಥಿ ಶಿಕ್ಷಕರನ್ನು ನೇಮಕ ಮಾಡಲಾಗಿದೆ. ಪೋಷಕರು ತಮ್ಮ ಮಕ್ಕಳನ್ನು ಸರ್ಕಾರಿ ಶಾಲೆಗಳಿಗೆ ದಾಖಲಿಸಿ ಸೌಲಭ್ಯಗಳ ಸದುಪಯೋಗ ಪಡೆದುಕೊಳ್ಳಬೇಕು ಎಂದು ಮನವಿ ಮಾಡಿದರು. ಇನ್ನೋವೇಶನ್ ಲ್ಯಾಬ್ ಹಾಗೂ ವಿಜ್ಞಾನ ಪ್ರಯೋಗಾಲಯಗಳನ್ನು ಆರಂಭಿಸಲಾಗಿದೆ. ಮಕ್ಕಳ ಆರೋಗ್ಯ ತಪಾಸಣೆ ಶಿಬಿರಗಳನ್ನು ನಿಯಮಿತವಾಗಿ ನಡೆಸಲಾಗುತ್ತಿದೆ. ಪರೀಕ್ಷಾ ಫಲಿತಾಂಶ ಸುಧಾರಣೆಗೆ ವಿಶೇಷ ಕಾರ್ಯಕ್ರಮ ರೂಪಿಸಲಾಗಿದೆ ಎಂದು ತಿಳಿಸಿದರು. ಈ ಎಲ್ಲಾ ಕ್ರಮಗಳಿಂದ ಸರ್ಕಾರಿ ಶಾಲೆಗಳ ದಾಖಲಾತಿ ಪ್ರಮಾಣ ಹೆಚ್ಚಾಗುವ ನಿರೀಕ್ಷೆ ಇದೆ. ವಿದ್ಯಾರ್ಥಿಗಳ ಕಲಿಕಾ ಗುಣಮಟ್ಟ ಹೆಚ್ಚಿಸಲು ನಿರಂತರ ಮೌಲ್ಯಮಾಪನ ಪದ್ಧತಿ ಅಳವಡಿಸಲಾಗಿದೆ.
